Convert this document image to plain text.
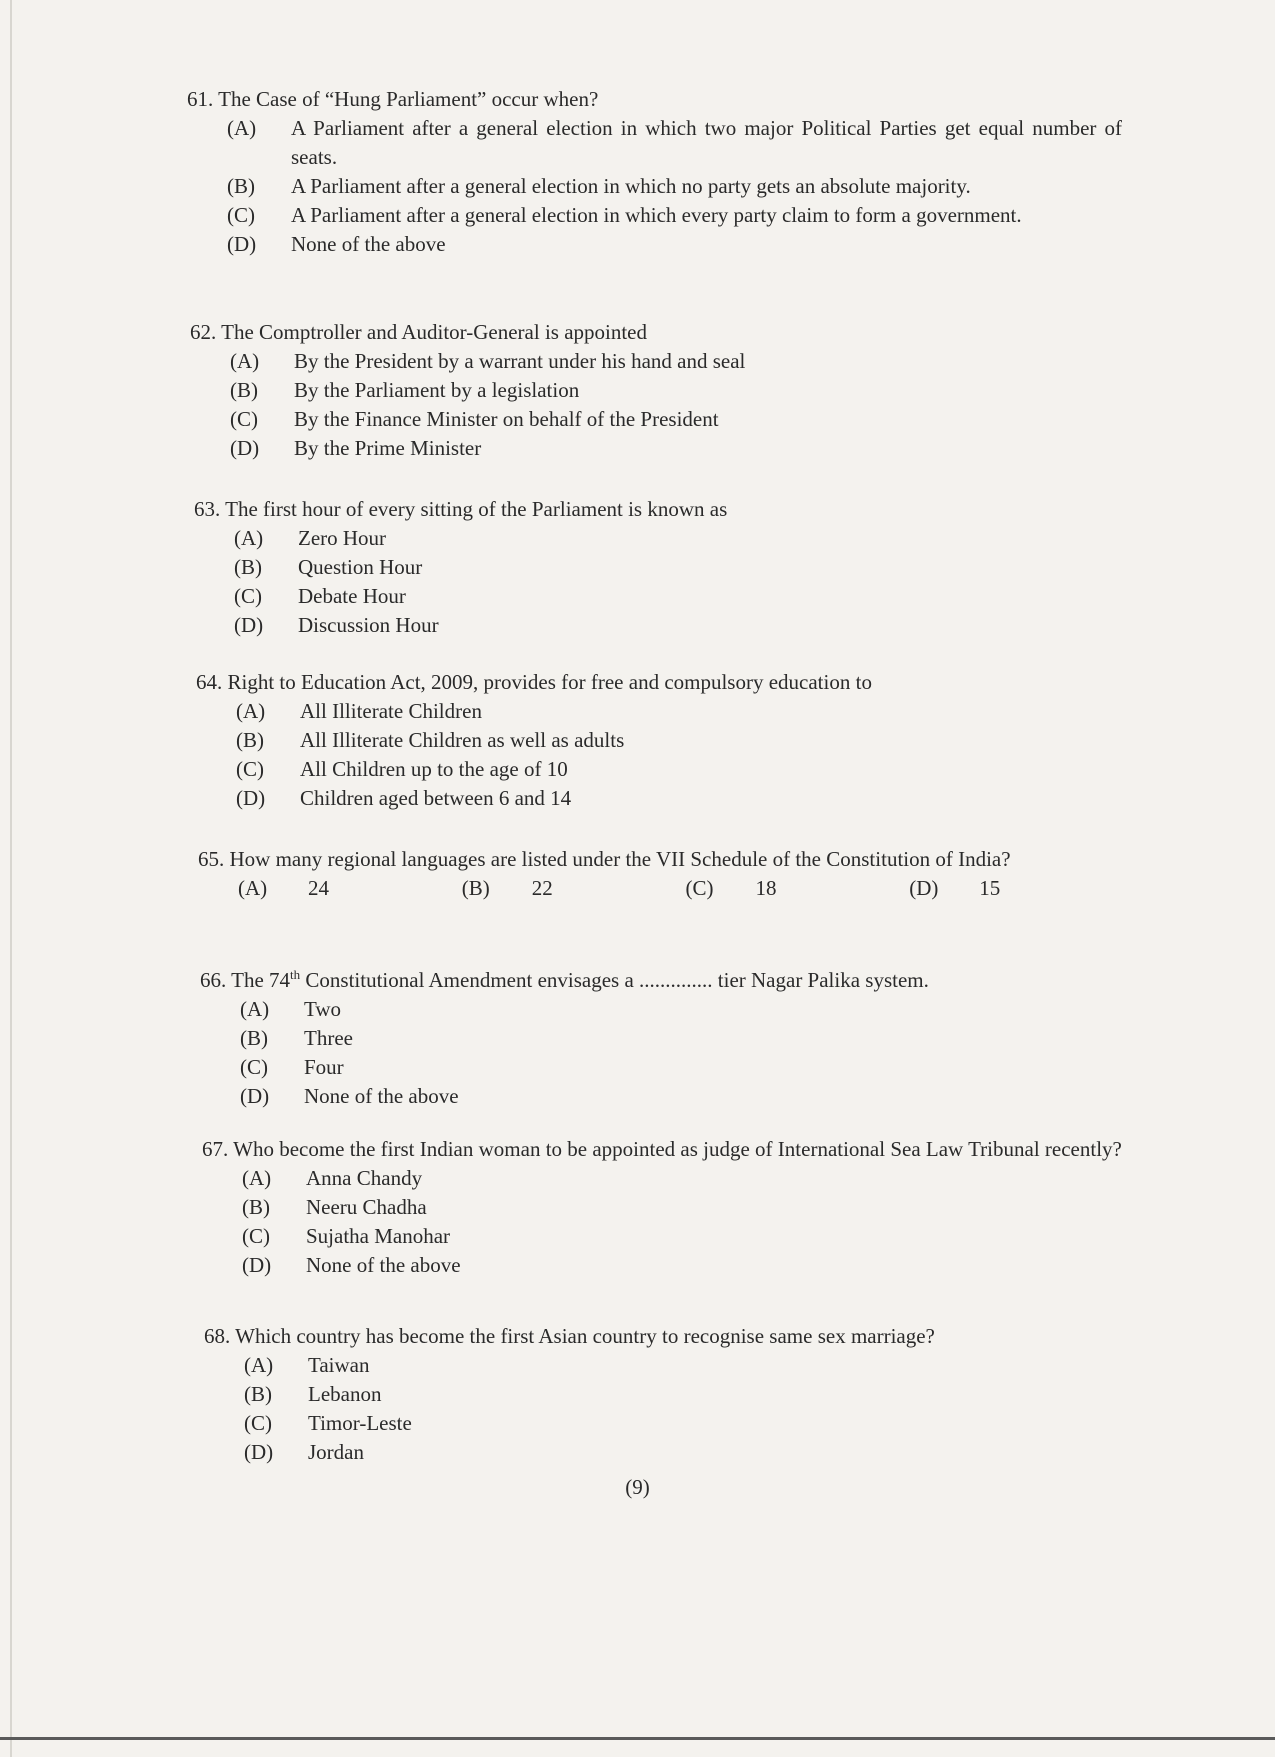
61. The Case of “Hung Parliament” occur when?
(A)	A Parliament after a general election in which two major Political Parties get equal number of seats.
(B)	A Parliament after a general election in which no party gets an absolute majority.
(C)	A Parliament after a general election in which every party claim to form a government.
(D)	None of the above
62. The Comptroller and Auditor-General is appointed
(A)	By the President by a warrant under his hand and seal
(B)	By the Parliament by a legislation
(C)	By the Finance Minister on behalf of the President
(D)	By the Prime Minister
63. The first hour of every sitting of the Parliament is known as
(A)	Zero Hour
(B)	Question Hour
(C)	Debate Hour
(D)	Discussion Hour
64. Right to Education Act, 2009, provides for free and compulsory education to
(A)	All Illiterate Children
(B)	All Illiterate Children as well as adults
(C)	All Children up to the age of 10
(D)	Children aged between 6 and 14
65. How many regional languages are listed under the VII Schedule of the Constitution of India?
(A)	24	(B)	22	(C)	18	(D)	15
66. The 74th Constitutional Amendment envisages a .............. tier Nagar Palika system.
(A)	Two
(B)	Three
(C)	Four
(D)	None of the above
67. Who become the first Indian woman to be appointed as judge of International Sea Law Tribunal recently?
(A)	Anna Chandy
(B)	Neeru Chadha
(C)	Sujatha Manohar
(D)	None of the above
68. Which country has become the first Asian country to recognise same sex marriage?
(A)	Taiwan
(B)	Lebanon
(C)	Timor-Leste
(D)	Jordan
(9)
